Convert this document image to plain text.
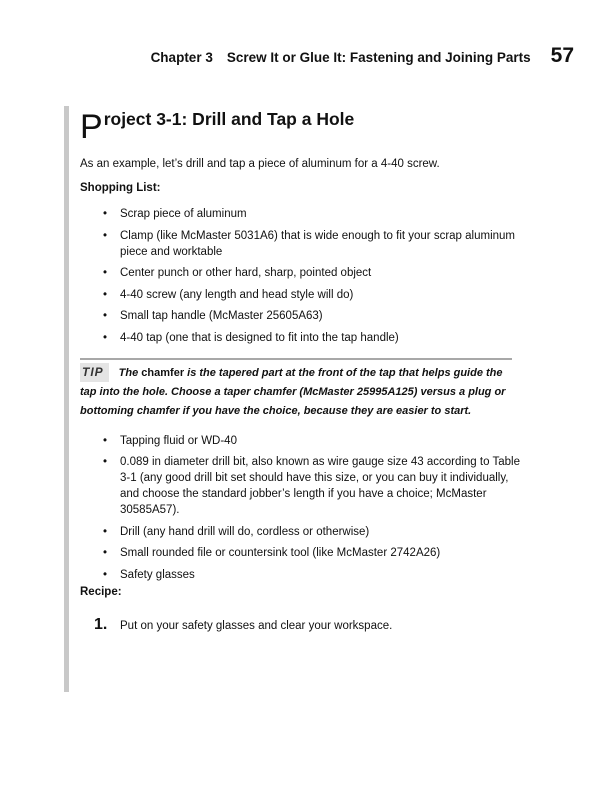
Chapter 3 Screw It or Glue It: Fastening and Joining Parts 57
P roject 3-1: Drill and Tap a Hole

As an example, let’s drill and tap a piece of aluminum for a 4-40 screw.

Shopping List:

• Scrap piece of aluminum
• Clamp (like McMaster 5031A6) that is wide enough to fit your scrap aluminum piece and worktable
• Center punch or other hard, sharp, pointed object
• 4-40 screw (any length and head style will do)
• Small tap handle (McMaster 25605A63)
• 4-40 tap (one that is designed to fit into the tap handle)
TIP The chamfer is the tapered part at the front of the tap that helps guide the tap into the hole. Choose a taper chamfer (McMaster 25995A125) versus a plug or bottoming chamfer if you have the choice, because they are easier to start.
• Tapping fluid or WD-40
• 0.089 in diameter drill bit, also known as wire gauge size 43 according to Table 3-1 (any good drill bit set should have this size, or you can buy it individually, and choose the standard jobber’s length if you have a choice; McMaster 30585A57).
• Drill (any hand drill will do, cordless or otherwise)
• Small rounded file or countersink tool (like McMaster 2742A26)
• Safety glasses

Recipe:

1.	Put on your safety glasses and clear your workspace.
